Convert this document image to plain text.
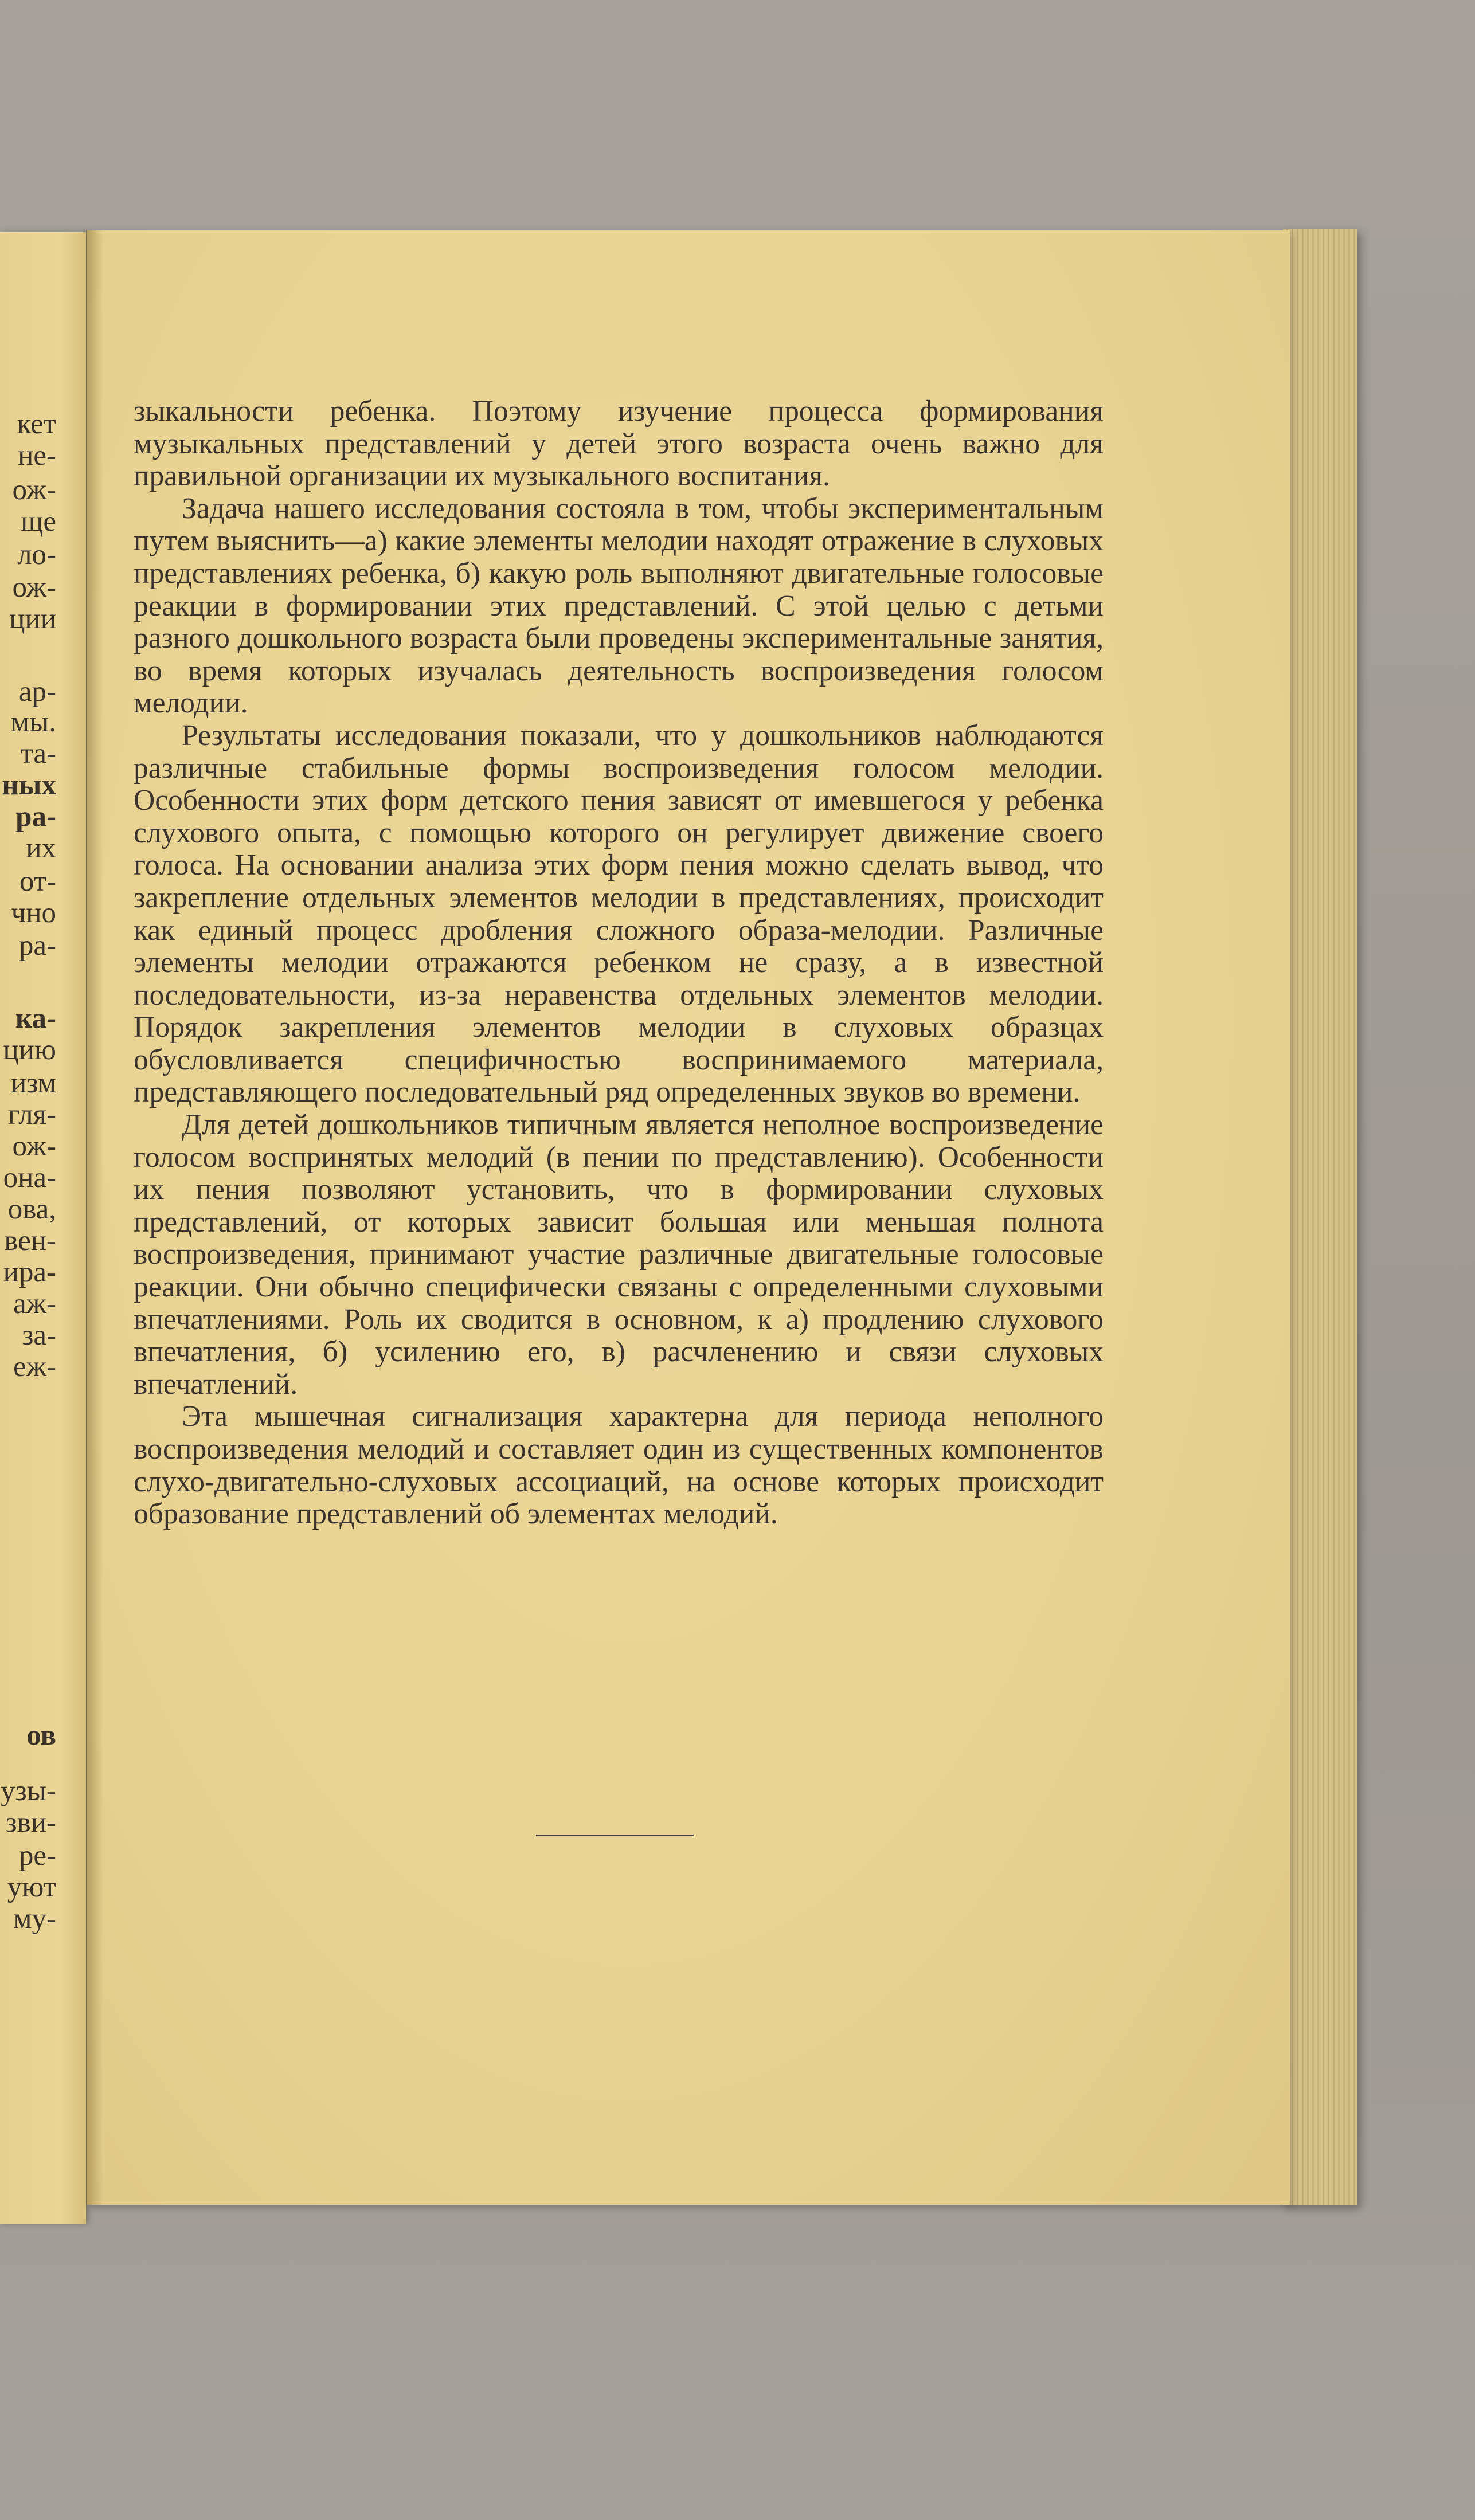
кет
не-
ож-
ще
ло-
ож-
ции
ар-
мы.
та-
ных
ра-
их
от-
чно
ра-
ка-
цию
изм
гля-
ож-
она-
ова,
вен-
ира-
аж-
за-
еж-
ов
узы-
зви-
ре-
уют
му-

зыкальности ребенка. Поэтому изучение процесса формирования музыкальных представлений у детей этого возраста очень важно для правильной организации их музыкального воспитания.

Задача нашего исследования состояла в том, чтобы экспериментальным путем выяснить—а) какие элементы мелодии находят отражение в слуховых представлениях ребенка, б) какую роль выполняют двигательные голосовые реакции в формировании этих представлений. С этой целью с детьми разного дошкольного возраста были проведены экспериментальные занятия, во время которых изучалась деятельность воспроизведения голосом мелодии.

Результаты исследования показали, что у дошкольников наблюдаются различные стабильные формы воспроизведения голосом мелодии. Особенности этих форм детского пения зависят от имевшегося у ребенка слухового опыта, с помощью которого он регулирует движение своего голоса. На основании анализа этих форм пения можно сделать вывод, что закрепление отдельных элементов мелодии в представлениях, происходит как единый процесс дробления сложного образа-мелодии. Различные элементы мелодии отражаются ребенком не сразу, а в известной последовательности, из-за неравенства отдельных элементов мелодии. Порядок закрепления элементов мелодии в слуховых образцах обусловливается специфичностью воспринимаемого материала, представляющего последовательный ряд определенных звуков во времени.

Для детей дошкольников типичным является неполное воспроизведение голосом воспринятых мелодий (в пении по представлению). Особенности их пения позволяют установить, что в формировании слуховых представлений, от которых зависит большая или меньшая полнота воспроизведения, принимают участие различные двигательные голосовые реакции. Они обычно специфически связаны с определенными слуховыми впечатлениями. Роль их сводится в основном, к а) продлению слухового впечатления, б) усилению его, в) расчленению и связи слуховых впечатлений.

Эта мышечная сигнализация характерна для периода неполного воспроизведения мелодий и составляет один из существенных компонентов слухо-двигательно-слуховых ассоциаций, на основе которых происходит образование представлений об элементах мелодий.
